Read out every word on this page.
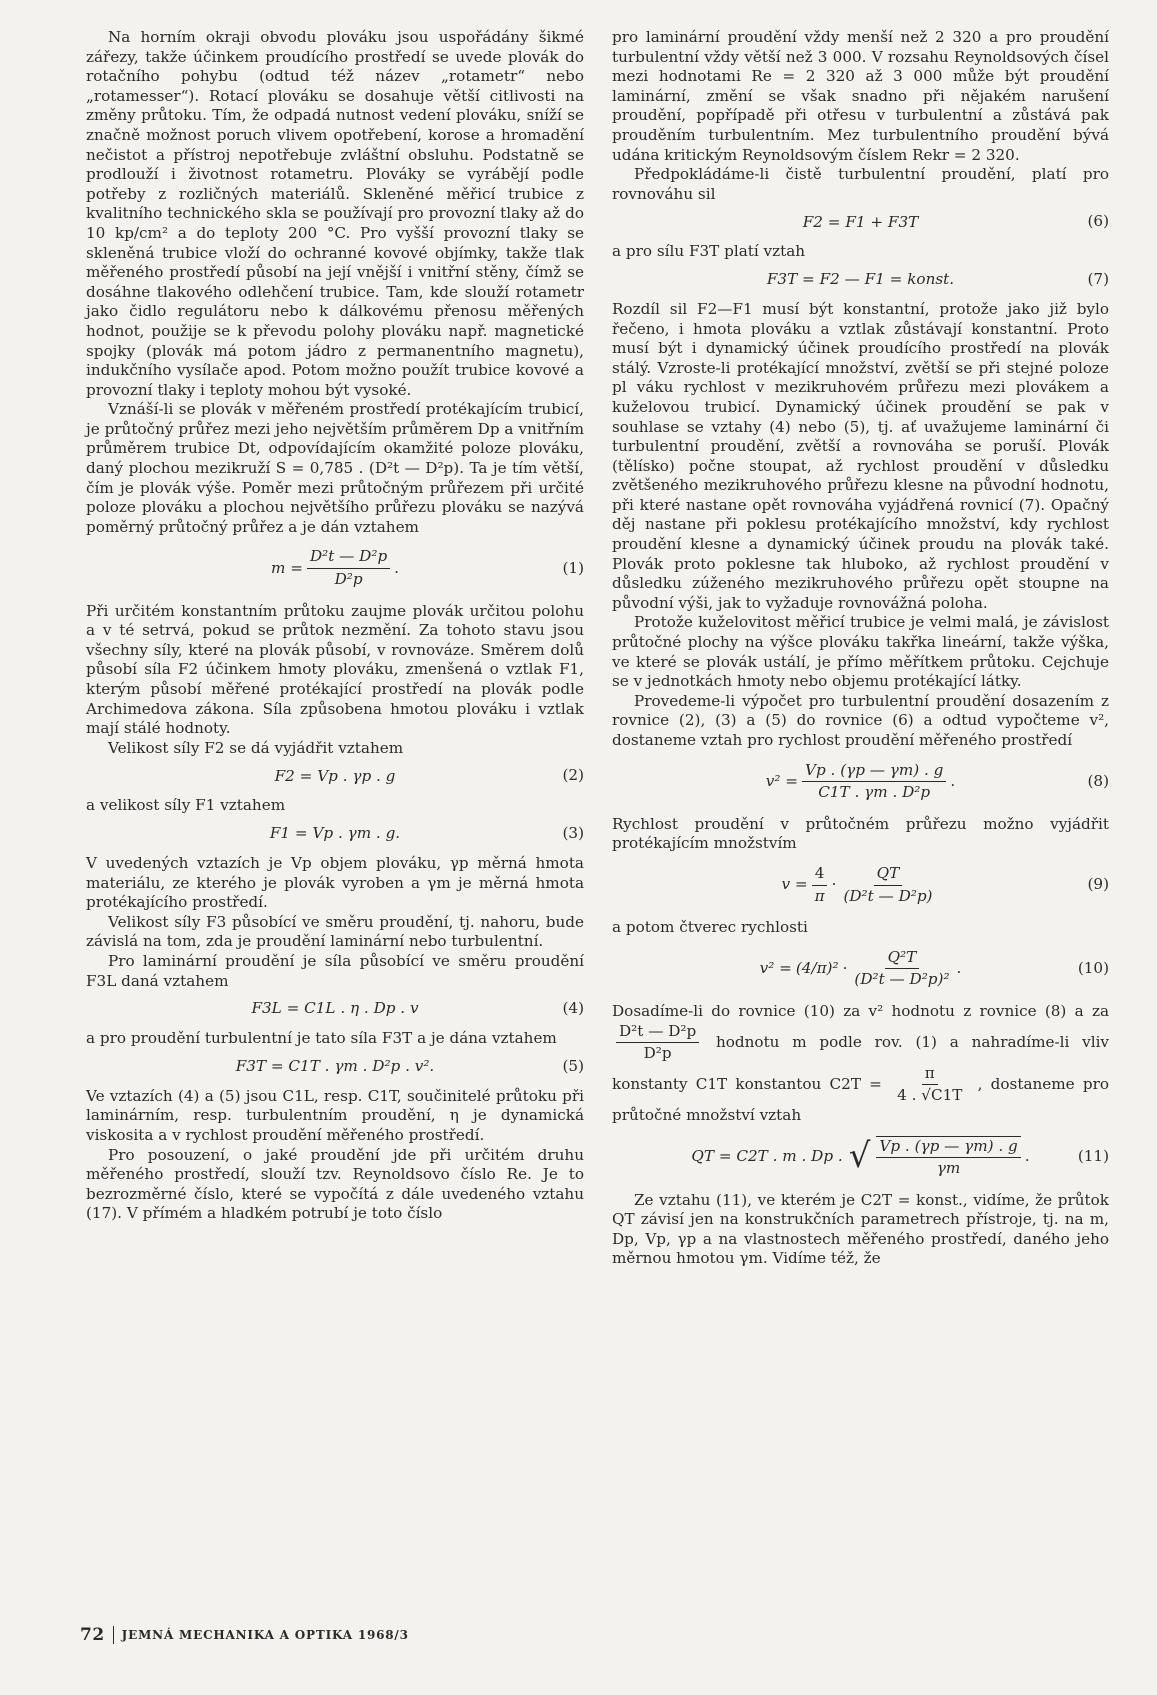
Na horním okraji obvodu plováku jsou uspořádány šikmé zářezy, takže účinkem proudícího prostředí se uvede plovák do rotačního pohybu (odtud též název „rotametr“ nebo „rotamesser“). Rotací plováku se dosahuje větší citlivosti na změny průtoku. Tím, že odpadá nutnost vedení plováku, sníží se značně možnost poruch vlivem opotřebení, korose a hromadění nečistot a přístroj nepotřebuje zvláštní obsluhu. Podstatně se prodlouží i životnost rotametru. Plováky se vyrábějí podle potřeby z rozličných materiálů. Skleněné měřicí trubice z kvalitního technického skla se používají pro provozní tlaky až do 10 kp/cm² a do teploty 200 °C. Pro vyšší provozní tlaky se skleněná trubice vloží do ochranné kovové objímky, takže tlak měřeného prostředí působí na její vnější i vnitřní stěny, čímž se dosáhne tlakového odlehčení trubice. Tam, kde slouží rotametr jako čidlo regulátoru nebo k dálkovému přenosu měřených hodnot, použije se k převodu polohy plováku např. magnetické spojky (plovák má potom jádro z permanentního magnetu), indukčního vysílače apod. Potom možno použít trubice kovové a provozní tlaky i teploty mohou být vysoké.

Vznáší-li se plovák v měřeném prostředí protékajícím trubicí, je průtočný průřez mezi jeho největším průměrem Dp a vnitřním průměrem trubice Dt, odpovídajícím okamžité poloze plováku, daný plochou mezikruží S = 0,785 . (D²t — D²p). Ta je tím větší, čím je plovák výše. Poměr mezi průtočným průřezem při určité poloze plováku a plochou největšího průřezu plováku se nazývá poměrný průtočný průřez a je dán vztahem

$m = \frac{\text{D²t — D²p}}{\text{D²p}}$ .	(1)

Při určitém konstantním průtoku zaujme plovák určitou polohu a v té setrvá, pokud se průtok nezmění. Za tohoto stavu jsou všechny síly, které na plovák působí, v rovnováze. Směrem dolů působí síla F2 účinkem hmoty plováku, zmenšená o vztlak F1, kterým působí měřené protékající prostředí na plovák podle Archimedova zákona. Síla způsobena hmotou plováku i vztlak mají stálé hodnoty.

Velikost síly F2 se dá vyjádřit vztahem

F2 = Vp . γp . g	(2)

a velikost síly F1 vztahem

F1 = Vp . γm . g.	(3)

V uvedených vztazích je Vp objem plováku, γp měrná hmota materiálu, ze kterého je plovák vyroben a γm je měrná hmota protékajícího prostředí.

Velikost síly F3 působící ve směru proudění, tj. nahoru, bude závislá na tom, zda je proudění laminární nebo turbulentní.

Pro laminární proudění je síla působící ve směru proudění F3L daná vztahem

F3L = C1L . η . Dp . v	(4)

a pro proudění turbulentní je tato síla F3T a je dána vztahem

F3T = C1T . γm . D²p . v².	(5)

Ve vztazích (4) a (5) jsou C1L, resp. C1T, součinitelé průtoku při laminárním, resp. turbulentním proudění, η je dynamická viskosita a v rychlost proudění měřeného prostředí.

Pro posouzení, o jaké proudění jde při určitém druhu měřeného prostředí, slouží tzv. Reynoldsovo číslo Re. Je to bezrozměrné číslo, které se vypočítá z dále uvedeného vztahu (17). V přímém a hladkém potrubí je toto číslo

pro laminární proudění vždy menší než 2 320 a pro proudění turbulentní vždy větší než 3 000. V rozsahu Reynoldsových čísel mezi hodnotami Re = 2 320 až 3 000 může být proudění laminární, změní se však snadno při nějakém narušení proudění, popřípadě při otřesu v turbulentní a zůstává pak prouděním turbulentním. Mez turbulentního proudění bývá udána kritickým Reynoldsovým číslem Rekr = 2 320.

Předpokládáme-li čistě turbulentní proudění, platí pro rovnováhu sil

F2 = F1 + F3T	(6)

a pro sílu F3T platí vztah

F3T = F2 — F1 = konst.	(7)

Rozdíl sil F2—F1 musí být konstantní, protože jako již bylo řečeno, i hmota plováku a vztlak zůstávají konstantní. Proto musí být i dynamický účinek proudícího prostředí na plovák stálý. Vzroste-li protékající množství, zvětší se při stejné poloze pl váku rychlost v mezikruhovém průřezu mezi plovákem a kuželovou trubicí. Dynamický účinek proudění se pak v souhlase se vztahy (4) nebo (5), tj. ať uvažujeme laminární či turbulentní proudění, zvětší a rovnováha se poruší. Plovák (tělísko) počne stoupat, až rychlost proudění v důsledku zvětšeného mezikruhového průřezu klesne na původní hodnotu, při které nastane opět rovnováha vyjádřená rovnicí (7). Opačný děj nastane při poklesu protékajícího množství, kdy rychlost proudění klesne a dynamický účinek proudu na plovák také. Plovák proto poklesne tak hluboko, až rychlost proudění v důsledku zúženého mezikruhového průřezu opět stoupne na původní výši, jak to vyžaduje rovnovážná poloha.

Protože kuželovitost měřicí trubice je velmi malá, je závislost průtočné plochy na výšce plováku takřka lineární, takže výška, ve které se plovák ustálí, je přímo měřítkem průtoku. Cejchuje se v jednotkách hmoty nebo objemu protékající látky.

Provedeme-li výpočet pro turbulentní proudění dosazením z rovnice (2), (3) a (5) do rovnice (6) a odtud vypočteme v², dostaneme vztah pro rychlost proudění měřeného prostředí

$v^2 = \frac{Vp . (\gamma p — \gamma m) . g}{\text{C1T . γm . D²p}}$ .	(8)

Rychlost proudění v průtočném průřezu možno vyjádřit protékajícím množstvím

$v = \frac{4}{\pi} \cdot \frac{QT}{\text{(D²t — D²p)}}$	(9)

a potom čtverec rychlosti

$v^2 = (4/\pi)^2 \cdot \frac{\text{Q²T}}{\text{(D²t — D²p)²}}$ .	(10)

Dosadíme-li do rovnice (10) za v² hodnotu z rovnice (8) a za
$\frac{\text{D²t — D²p}}{\text{D²p}}$ hodnotu m podle rov. (1) a nahradíme-li vliv konstanty C1T konstantou $C2T = \frac{\pi}{4 . √C1T}$ , dostaneme pro průtočné množství vztah

QT = C2T . m . Dp . √ $\frac{Vp . (\gamma p — \gamma m) . g}{\gamma m}$ .	(11)

Ze vztahu (11), ve kterém je C2T = konst., vidíme, že průtok QT závisí jen na konstrukčních parametrech přístroje, tj. na m, Dp, Vp, γp a na vlastnostech měřeného prostředí, daného jeho měrnou hmotou γm. Vidíme též, že

72 JEMNÁ MECHANIKA A OPTIKA 1968/3
